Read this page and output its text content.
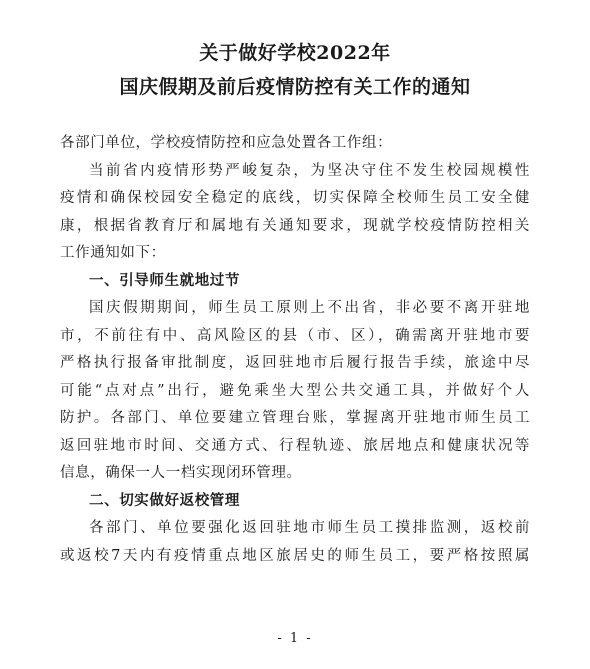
关于做好学校2022年
国庆假期及前后疫情防控有关工作的通知
各部门单位，学校疫情防控和应急处置各工作组：
当前省内疫情形势严峻复杂，为坚决守住不发生校园规模性
疫情和确保校园安全稳定的底线，切实保障全校师生员工安全健
康，根据省教育厅和属地有关通知要求，现就学校疫情防控相关
工作通知如下：
一、引导师生就地过节
国庆假期期间，师生员工原则上不出省，非必要不离开驻地
市，不前往有中、高风险区的县（市、区），确需离开驻地市要
严格执行报备审批制度，返回驻地市后履行报告手续，旅途中尽
可能“点对点”出行，避免乘坐大型公共交通工具，并做好个人
防护。各部门、单位要建立管理台账，掌握离开驻地市师生员工
返回驻地市时间、交通方式、行程轨迹、旅居地点和健康状况等
信息，确保一人一档实现闭环管理。
二、切实做好返校管理
各部门、单位要强化返回驻地市师生员工摸排监测，返校前
或返校7天内有疫情重点地区旅居史的师生员工，要严格按照属
- 1 -
